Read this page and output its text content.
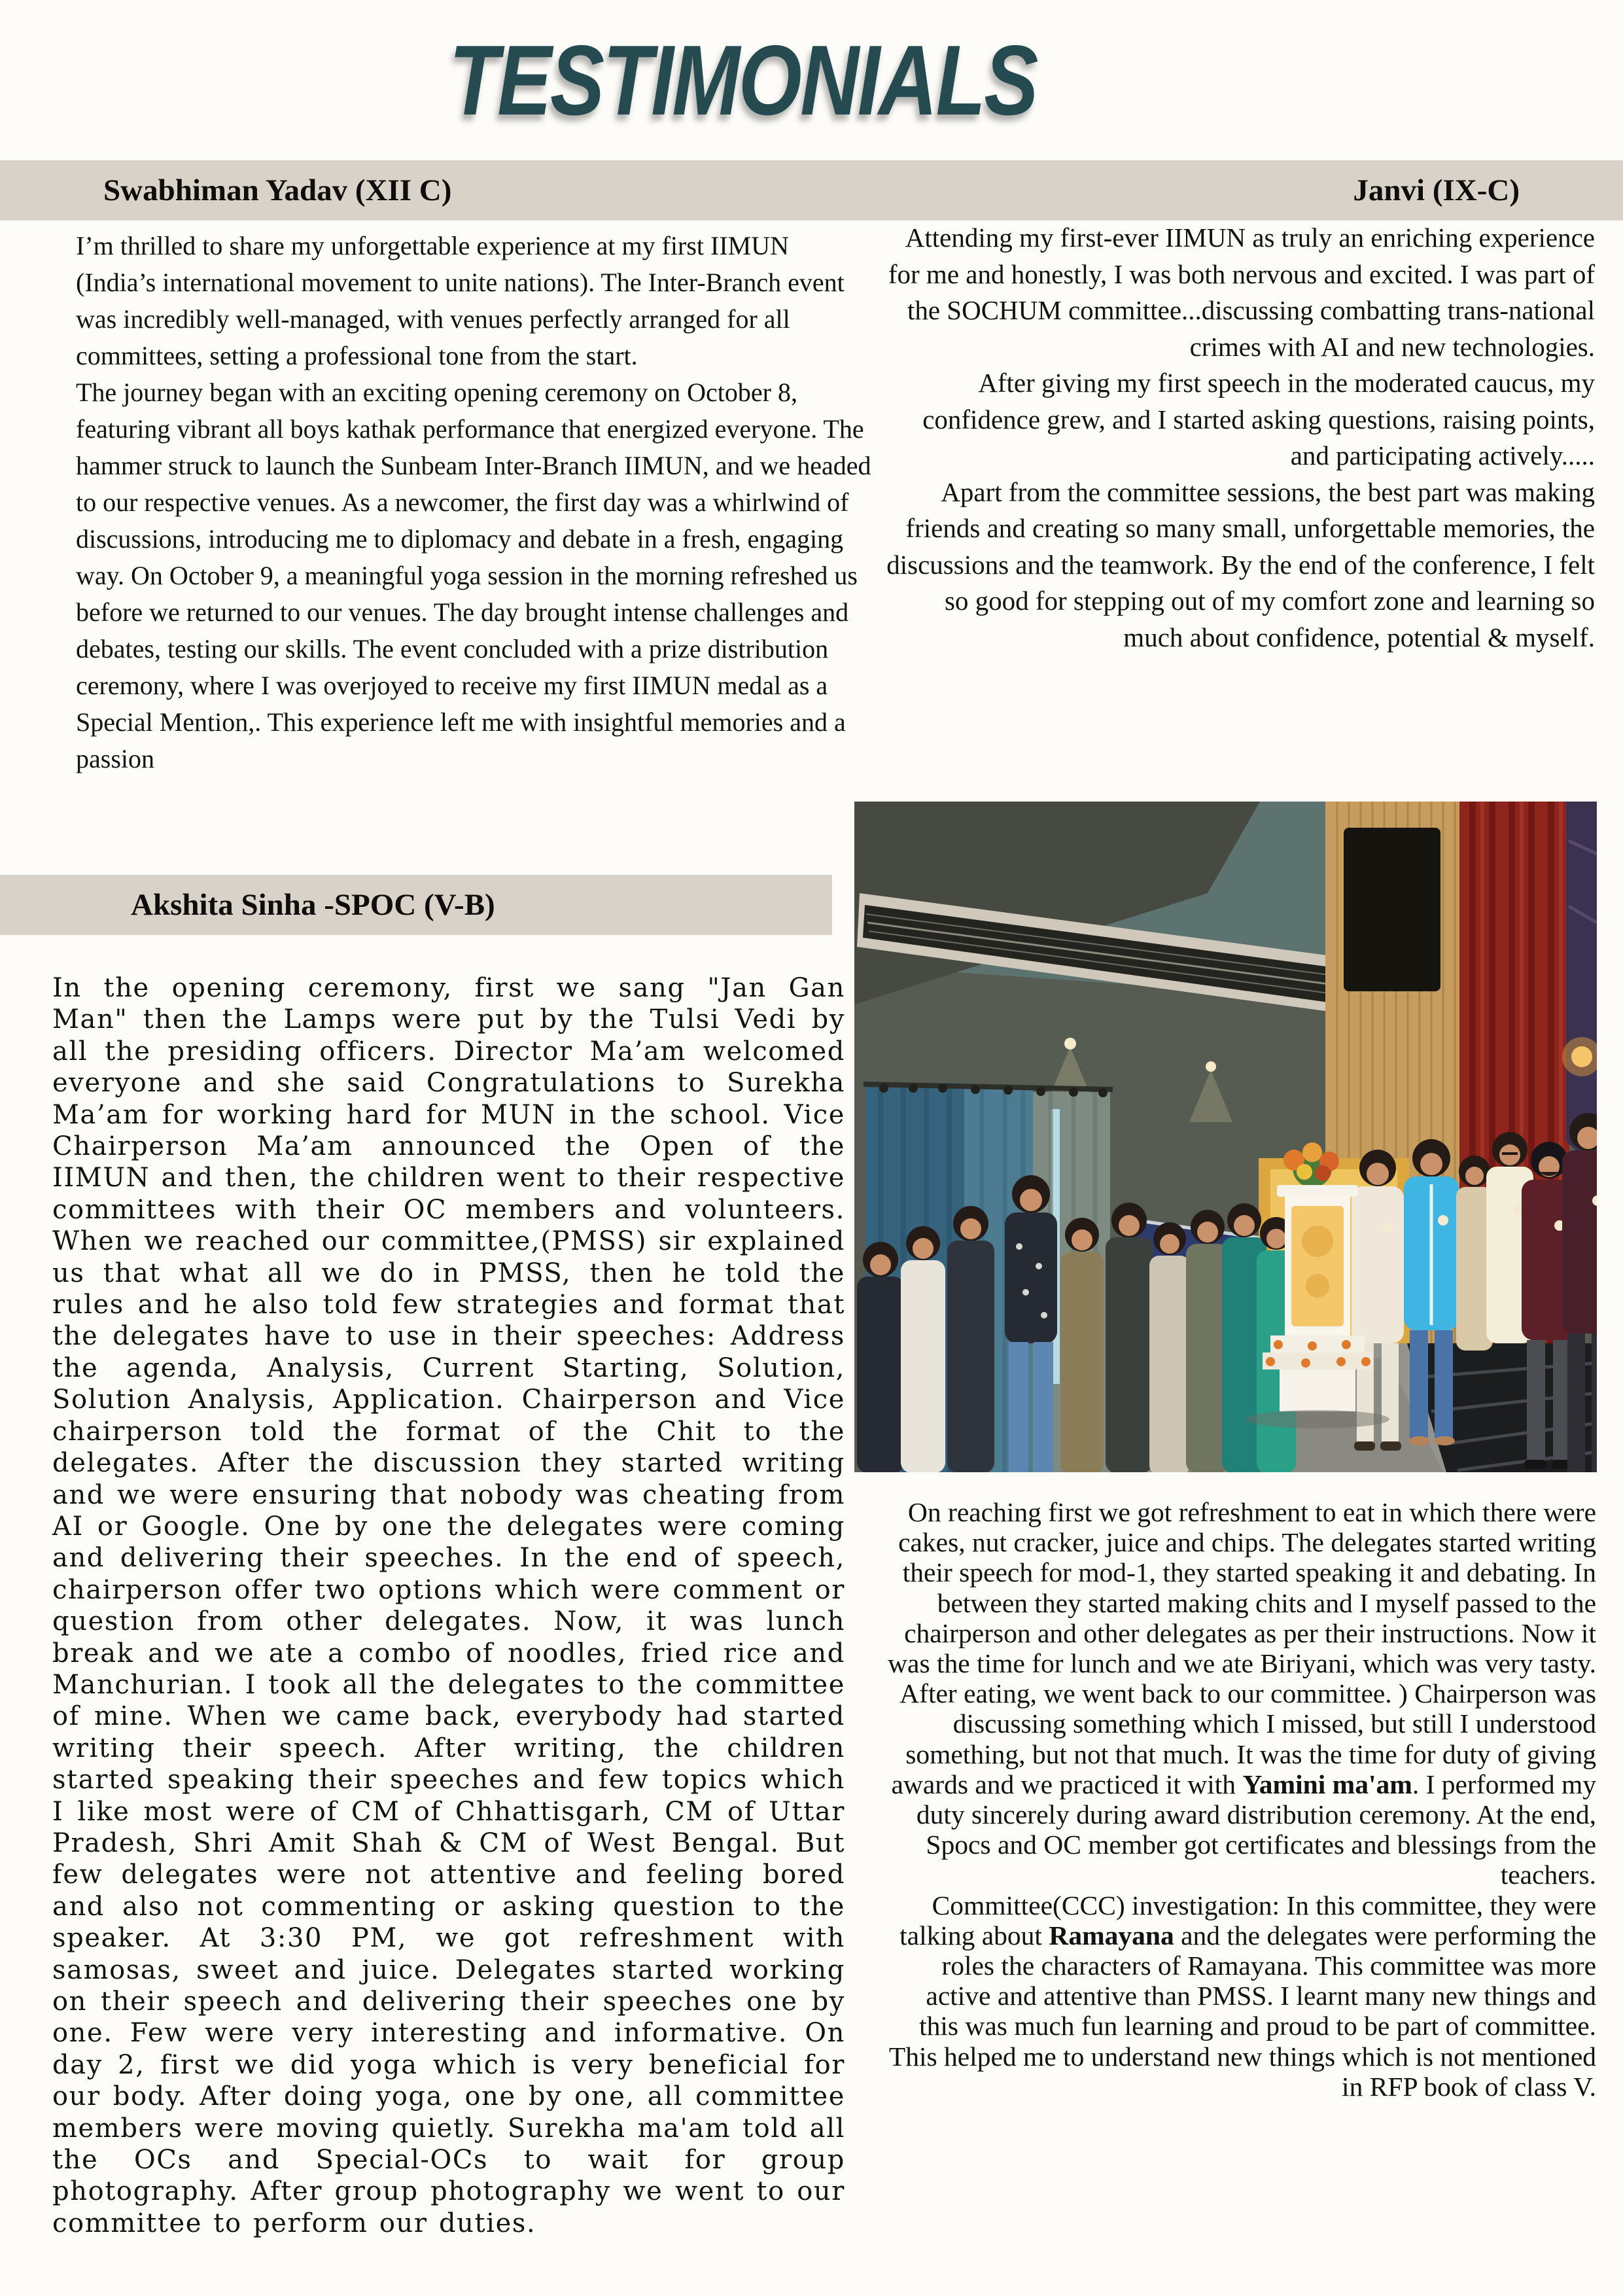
TESTIMONIALS
Swabhiman Yadav (XII C)	Janvi (IX-C)
I’m thrilled to share my unforgettable experience at my first IIMUN (India’s international movement to unite nations). The Inter-Branch event was incredibly well-managed, with venues perfectly arranged for all committees, setting a professional tone from the start.
The journey began with an exciting opening ceremony on October 8, featuring vibrant all boys kathak performance that energized everyone. The hammer struck to launch the Sunbeam Inter-Branch IIMUN, and we headed to our respective venues. As a newcomer, the first day was a whirlwind of discussions, introducing me to diplomacy and debate in a fresh, engaging way. On October 9, a meaningful yoga session in the morning refreshed us before we returned to our venues. The day brought intense challenges and debates, testing our skills. The event concluded with a prize distribution ceremony, where I was overjoyed to receive my first IIMUN medal as a Special Mention,. This experience left me with insightful memories and a passion
Attending my first-ever IIMUN as truly an enriching experience for me and honestly, I was both nervous and excited. I was part of the SOCHUM committee...discussing combatting trans-national crimes with AI and new technologies.
After giving my first speech in the moderated caucus, my confidence grew, and I started asking questions, raising points, and participating actively.....
Apart from the committee sessions, the best part was making friends and creating so many small, unforgettable memories, the discussions and the teamwork. By the end of the conference, I felt so good for stepping out of my comfort zone and learning so much about confidence, potential & myself.
Akshita Sinha -SPOC (V-B)
In the opening ceremony, first we sang "Jan Gan Man" then the Lamps were put by the Tulsi Vedi by all the presiding officers. Director Ma’am welcomed everyone and she said Congratulations to Surekha Ma’am for working hard for MUN in the school. Vice Chairperson Ma’am announced the Open of the IIMUN and then, the children went to their respective committees with their OC members and volunteers. When we reached our committee,(PMSS) sir explained us that what all we do in PMSS, then he told the rules and he also told few strategies and format that the delegates have to use in their speeches: Address the agenda, Analysis, Current Starting, Solution, Solution Analysis, Application. Chairperson and Vice chairperson told the format of the Chit to the delegates. After the discussion they started writing and we were ensuring that nobody was cheating from AI or Google. One by one the delegates were coming and delivering their speeches. In the end of speech, chairperson offer two options which were comment or question from other delegates. Now, it was lunch break and we ate a combo of noodles, fried rice and Manchurian. I took all the delegates to the committee of mine. When we came back, everybody had started writing their speech. After writing, the children started speaking their speeches and few topics which I like most were of CM of Chhattisgarh, CM of Uttar Pradesh, Shri Amit Shah & CM of West Bengal. But few delegates were not attentive and feeling bored and also not commenting or asking question to the speaker. At 3:30 PM, we got refreshment with samosas, sweet and juice. Delegates started working on their speech and delivering their speeches one by one. Few were very interesting and informative. On day 2, first we did yoga which is very beneficial for our body. After doing yoga, one by one, all committee members were moving quietly. Surekha ma'am told all the OCs and Special-OCs to wait for group photography. After group photography we went to our committee to perform our duties.
On reaching first we got refreshment to eat in which there were cakes, nut cracker, juice and chips. The delegates started writing their speech for mod-1, they started speaking it and debating. In between they started making chits and I myself passed to the chairperson and other delegates as per their instructions. Now it was the time for lunch and we ate Biriyani, which was very tasty. After eating, we went back to our committee. ) Chairperson was discussing something which I missed, but still I understood something, but not that much. It was the time for duty of giving awards and we practiced it with Yamini ma'am. I performed my duty sincerely during award distribution ceremony. At the end, Spocs and OC member got certificates and blessings from the teachers.
Committee(CCC) investigation: In this committee, they were talking about Ramayana and the delegates were performing the roles the characters of Ramayana. This committee was more active and attentive than PMSS. I learnt many new things and this was much fun learning and proud to be part of committee. This helped me to understand new things which is not mentioned in RFP book of class V.
